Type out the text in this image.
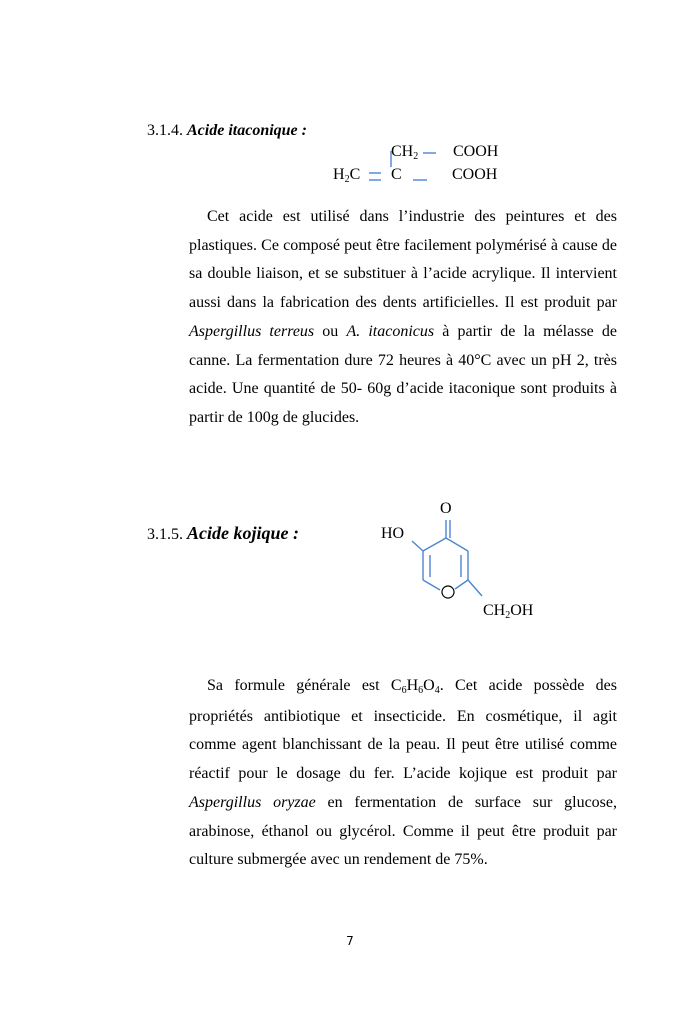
3.1.4. Acide itaconique :
CH2 COOH
H2C C	COOH
Cet acide est utilisé dans l’industrie des peintures et des plastiques. Ce composé peut être facilement polymérisé à cause de sa double liaison, et se substituer à l’acide acrylique. Il intervient aussi dans la fabrication des dents artificielles. Il est produit par Aspergillus terreus ou A. itaconicus à partir de la mélasse de canne. La fermentation dure 72 heures à 40°C avec un pH 2, très acide. Une quantité de 50- 60g d’acide itaconique sont produits à partir de 100g de glucides.
3.1.5. Acide kojique :
O
HO
CH2OH
Sa formule générale est C6H6O4. Cet acide possède des propriétés antibiotique et insecticide. En cosmétique, il agit comme agent blanchissant de la peau. Il peut être utilisé comme réactif pour le dosage du fer. L’acide kojique est produit par Aspergillus oryzae en fermentation de surface sur glucose, arabinose, éthanol ou glycérol. Comme il peut être produit par culture submergée avec un rendement de 75%.
7
